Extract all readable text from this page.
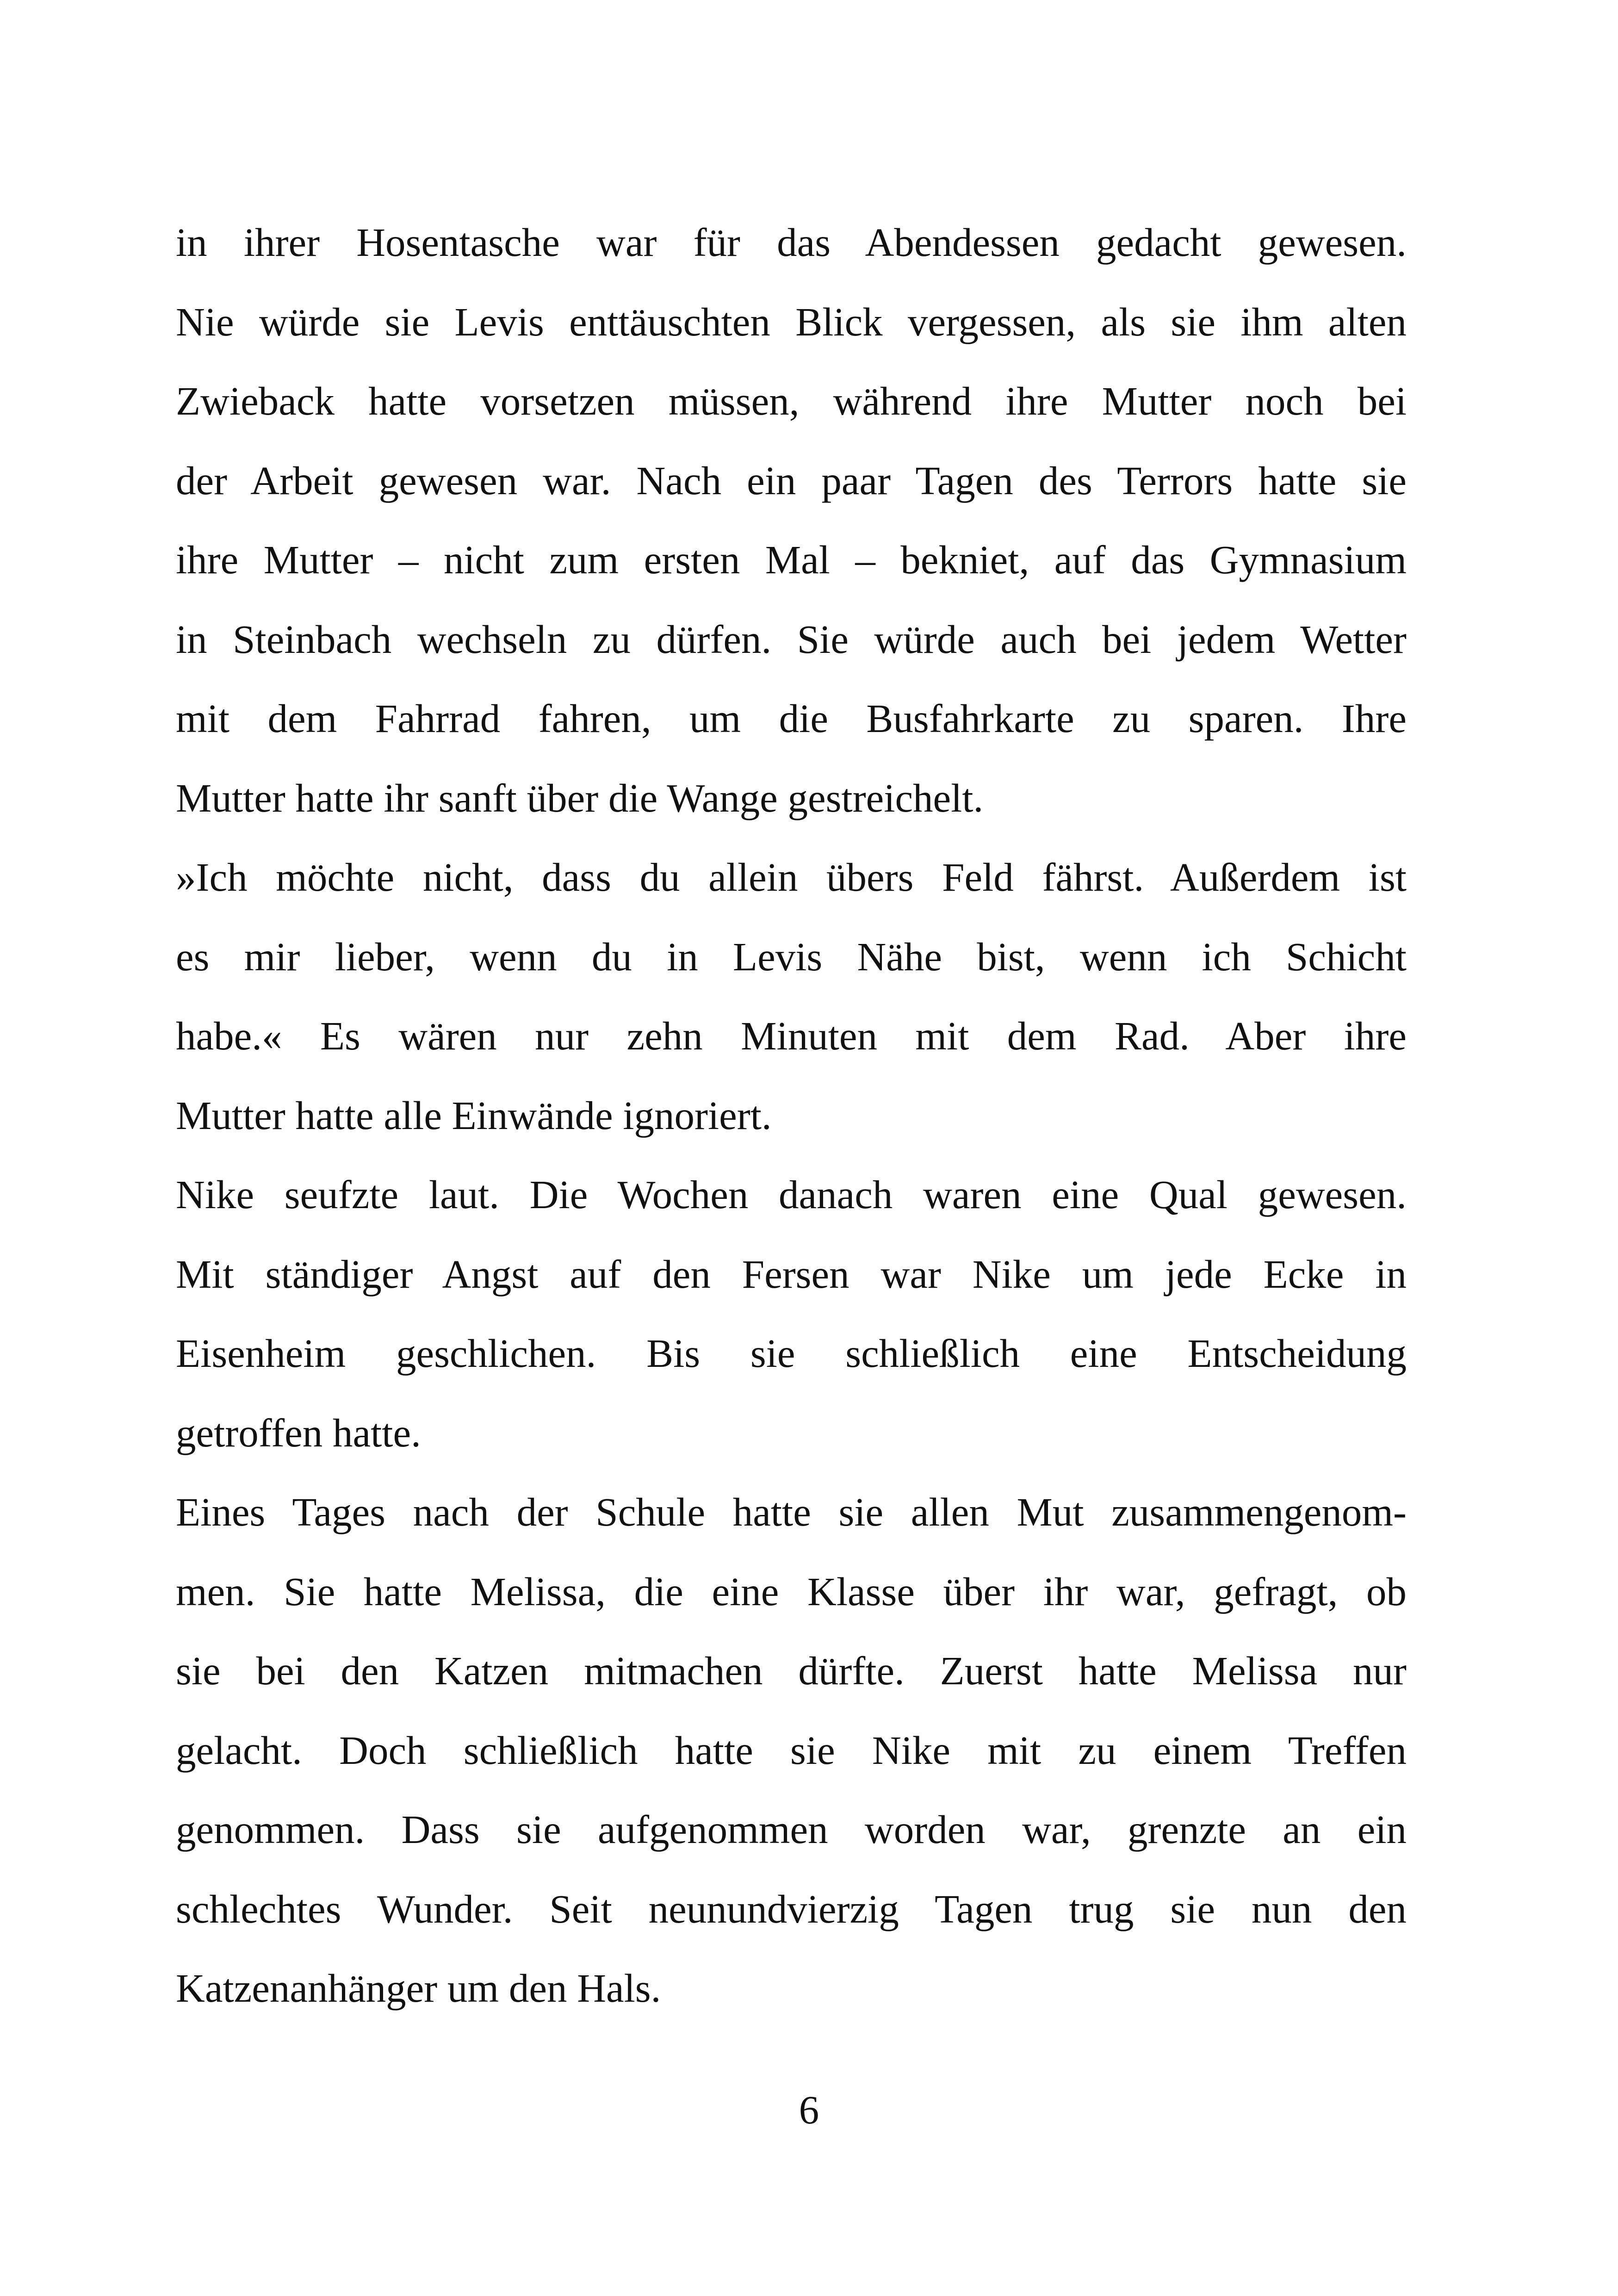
in ihrer Hosentasche war für das Abendessen gedacht gewesen.
Nie würde sie Levis enttäuschten Blick vergessen, als sie ihm alten
Zwieback hatte vorsetzen müssen, während ihre Mutter noch bei
der Arbeit gewesen war. Nach ein paar Tagen des Terrors hatte sie
ihre Mutter – nicht zum ersten Mal – bekniet, auf das Gymnasium
in Steinbach wechseln zu dürfen. Sie würde auch bei jedem Wetter
mit dem Fahrrad fahren, um die Busfahrkarte zu sparen. Ihre
Mutter hatte ihr sanft über die Wange gestreichelt.
»Ich möchte nicht, dass du allein übers Feld fährst. Außerdem ist
es mir lieber, wenn du in Levis Nähe bist, wenn ich Schicht
habe.« Es wären nur zehn Minuten mit dem Rad. Aber ihre
Mutter hatte alle Einwände ignoriert.
Nike seufzte laut. Die Wochen danach waren eine Qual gewesen.
Mit ständiger Angst auf den Fersen war Nike um jede Ecke in
Eisenheim geschlichen. Bis sie schließlich eine Entscheidung
getroffen hatte.
Eines Tages nach der Schule hatte sie allen Mut zusammengenom-
men. Sie hatte Melissa, die eine Klasse über ihr war, gefragt, ob
sie bei den Katzen mitmachen dürfte. Zuerst hatte Melissa nur
gelacht. Doch schließlich hatte sie Nike mit zu einem Treffen
genommen. Dass sie aufgenommen worden war, grenzte an ein
schlechtes Wunder. Seit neunundvierzig Tagen trug sie nun den
Katzenanhänger um den Hals.
6
